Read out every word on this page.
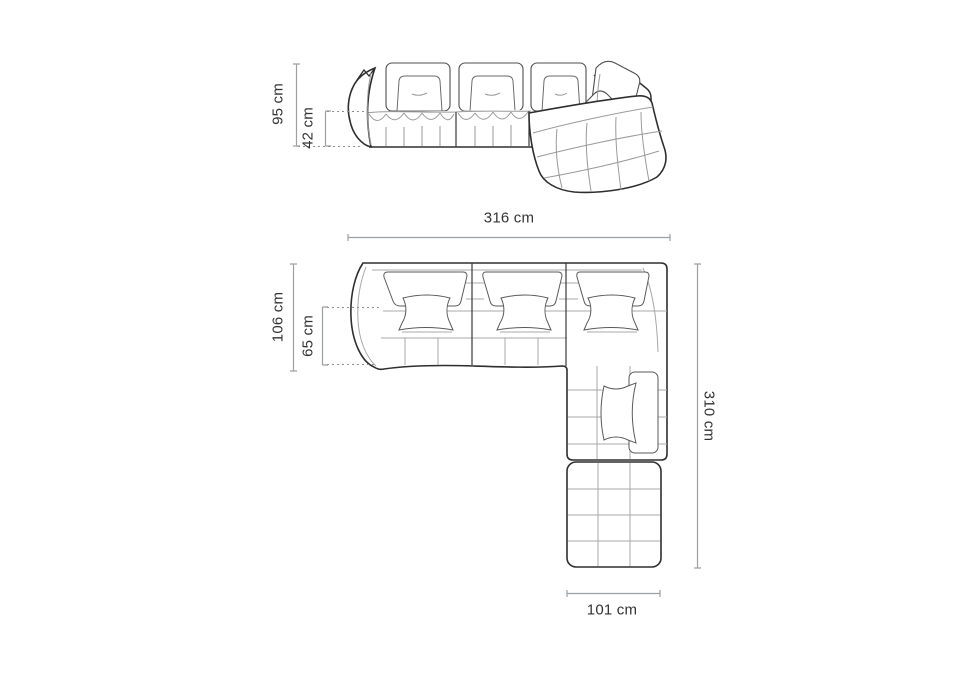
95 cm
42 cm
316 cm
106 cm 65 cm
310 cm
101 cm
